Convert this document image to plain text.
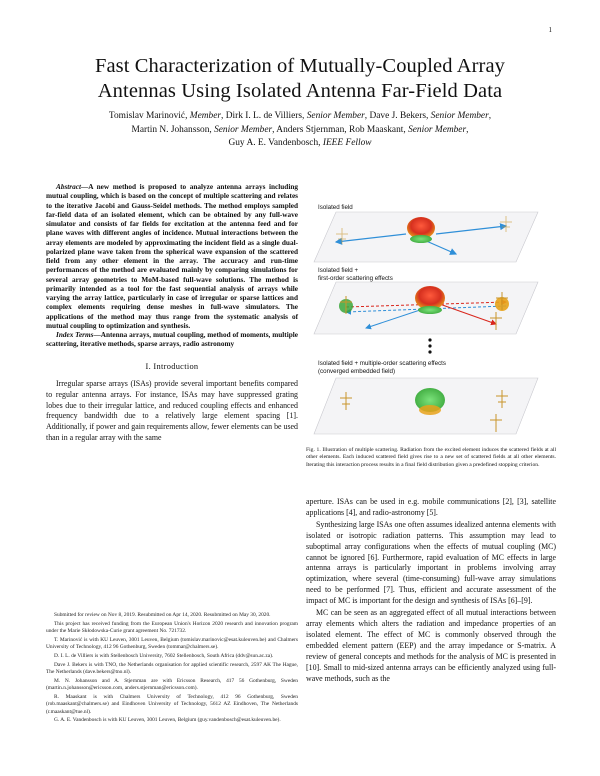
1
Fast Characterization of Mutually-Coupled Array
Antennas Using Isolated Antenna Far-Field Data
Tomislav Marinović, Member, Dirk I. L. de Villiers, Senior Member, Dave J. Bekers, Senior Member,
Martin N. Johansson, Senior Member, Anders Stjernman, Rob Maaskant, Senior Member,
Guy A. E. Vandenbosch, IEEE Fellow
Abstract—A new method is proposed to analyze antenna arrays including mutual coupling, which is based on the concept of multiple scattering and relates to the iterative Jacobi and Gauss-Seidel methods. The method employs sampled far-field data of an isolated element, which can be obtained by any full-wave simulator and consists of far fields for excitation at the antenna feed and for plane waves with different angles of incidence. Mutual interactions between the array elements are modeled by approximating the incident field as a single dual-polarized plane wave taken from the spherical wave expansion of the scattered field from any other element in the array. The accuracy and run-time performances of the method are evaluated mainly by comparing simulations for several array geometries to MoM-based full-wave solutions. The method is primarily intended as a tool for the fast sequential analysis of arrays while varying the array lattice, particularly in case of irregular or sparse lattices and complex elements requiring dense meshes in full-wave simulators. The applications of the method may thus range from the systematic analysis of mutual coupling to optimization and synthesis.
Index Terms—Antenna arrays, mutual coupling, method of moments, multiple scattering, iterative methods, sparse arrays, radio astronomy
I. Introduction

Irregular sparse arrays (ISAs) provide several important benefits compared to regular antenna arrays. For instance, ISAs may have suppressed grating lobes due to their irregular lattice, and reduced coupling effects and enhanced frequency bandwidth due to a relatively large element spacing [1]. Additionally, if power and gain requirements allow, fewer elements can be used than in a regular array with the same

Submitted for review on Nov 8, 2019. Resubmitted on Apr 14, 2020. Resubmitted on May 30, 2020.

This project has received funding from the European Union's Horizon 2020 research and innovation program under the Marie Skłodowska-Curie grant agreement No. 721732.

T. Marinović is with KU Leuven, 3001 Leuven, Belgium (tomislav.marinovic@esat.kuleuven.be) and Chalmers University of Technology, 412 96 Gothenburg, Sweden (tommar@chalmers.se).

D. I. L. de Villiers is with Stellenbosch University, 7602 Stellenbosch, South Africa (ddv@sun.ac.za).

Dave J. Bekers is with TNO, the Netherlands organisation for applied scientific research, 2597 AK The Hague, The Netherlands (dave.bekers@tno.nl).

M. N. Johansson and A. Stjernman are with Ericsson Research, 417 56 Gothenburg, Sweden (martin.n.johansson@ericsson.com, anders.stjernman@ericsson.com).

R. Maaskant is with Chalmers University of Technology, 412 96 Gothenburg, Sweden (rob.maaskant@chalmers.se) and Eindhoven University of Technology, 5612 AZ Eindhoven, The Netherlands (r.maaskant@tue.nl).

G. A. E. Vandenbosch is with KU Leuven, 3001 Leuven, Belgium (guy.vandenbosch@esat.kuleuven.be).

Isolated field
Isolated field +
first-order scattering effects
Isolated field + multiple-order scattering effects
(converged embedded field)
Fig. 1. Illustration of multiple scattering. Radiation from the excited element induces the scattered fields at all other elements. Each induced scattered field gives rise to a new set of scattered fields at all other elements. Iterating this interaction process results in a final field distribution given a predefined stopping criterion.

aperture. ISAs can be used in e.g. mobile communications [2], [3], satellite applications [4], and radio-astronomy [5].

Synthesizing large ISAs one often assumes idealized antenna elements with isolated or isotropic radiation patterns. This assumption may lead to suboptimal array configurations when the effects of mutual coupling (MC) cannot be ignored [6]. Furthermore, rapid evaluation of MC effects in large antenna arrays is particularly important in problems involving array optimization, where several (time-consuming) full-wave array simulations need to be performed [7]. Thus, efficient and accurate assessment of the impact of MC is important for the design and synthesis of ISAs [6]–[9].

MC can be seen as an aggregated effect of all mutual interactions between array elements which alters the radiation and impedance properties of an isolated element. The effect of MC is commonly observed through the embedded element pattern (EEP) and the array impedance or S-matrix. A review of general concepts and methods for the analysis of MC is presented in [10]. Small to mid-sized antenna arrays can be efficiently analyzed using full-wave methods, such as the
